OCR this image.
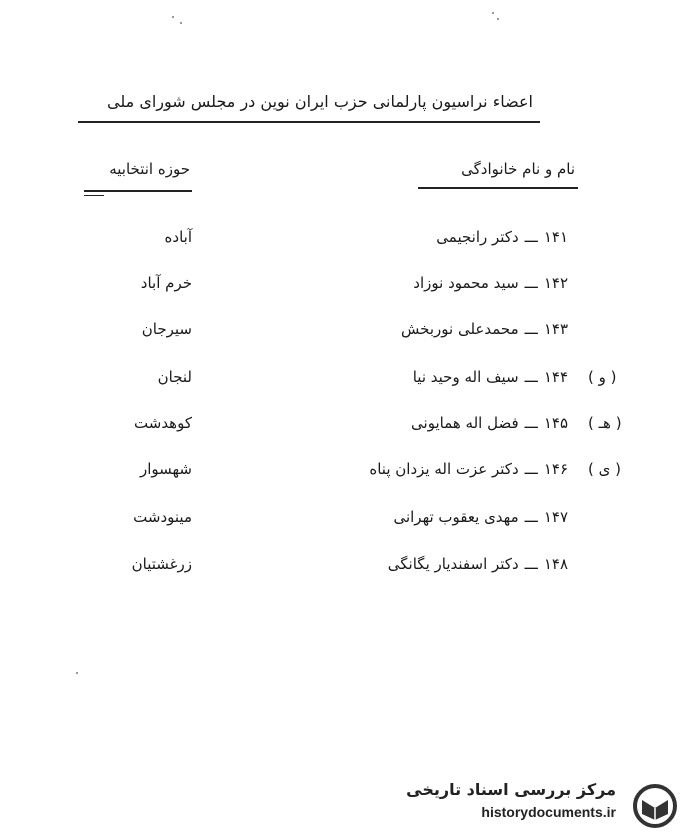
اعضاء نراسیون پارلمانی حزب ایران نوین در مجلس شورای ملی
نام و نام خانوادگی
حوزه انتخابیه
۱۴۱
ـــ
دکتر رانجیمی
آباده
۱۴۲
ـــ
سید محمود نوزاد
خرم آباد
۱۴۳
ـــ
محمدعلی نوربخش
سیرجان
( و )
۱۴۴
ـــ
سیف اله وحید نیا
لنجان
( هـ )
۱۴۵
ـــ
فضل اله همایونی
کوهدشت
( ی )
۱۴۶
ـــ
دکتر عزت اله یزدان پناه
شهسوار
۱۴۷
ـــ
مهدی یعقوب تهرانی
مینودشت
۱۴۸
ـــ
دکتر اسفندیار یگانگی
زرغشتیان
مرکز بررسی اسناد تاریخی
historydocuments.ir
